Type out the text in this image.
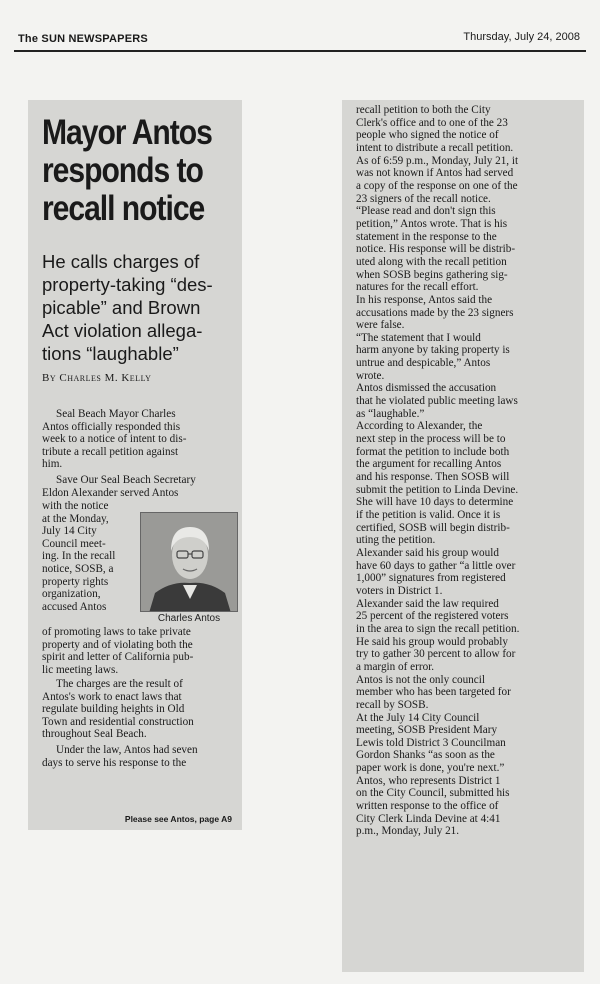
The SUN NEWSPAPERS	Thursday, July 24, 2008
Mayor Antos
responds to
recall notice
He calls charges of
property-taking “des-
picable” and Brown
Act violation allega-
tions “laughable”
By Charles M. Kelly
Seal Beach Mayor Charles
Antos officially responded this
week to a notice of intent to dis-
tribute a recall petition against
him.
Save Our Seal Beach Secretary
Eldon Alexander served Antos
with the notice
at the Monday,
July 14 City
Council meet-
ing. In the recall
notice, SOSB, a
property rights
organization,
accused Antos
Charles Antos
of promoting laws to take private
property and of violating both the
spirit and letter of California pub-
lic meeting laws.
The charges are the result of
Antos's work to enact laws that
regulate building heights in Old
Town and residential construction
throughout Seal Beach.
Under the law, Antos had seven
days to serve his response to the
Please see Antos, page A9
recall petition to both the City
Clerk's office and to one of the 23
people who signed the notice of
intent to distribute a recall petition.
As of 6:59 p.m., Monday, July 21, it
was not known if Antos had served
a copy of the response on one of the
23 signers of the recall notice.
“Please read and don't sign this
petition,” Antos wrote. That is his
statement in the response to the
notice. His response will be distrib-
uted along with the recall petition
when SOSB begins gathering sig-
natures for the recall effort.
In his response, Antos said the
accusations made by the 23 signers
were false.
“The statement that I would
harm anyone by taking property is
untrue and despicable,” Antos
wrote.
Antos dismissed the accusation
that he violated public meeting laws
as “laughable.”
According to Alexander, the
next step in the process will be to
format the petition to include both
the argument for recalling Antos
and his response. Then SOSB will
submit the petition to Linda Devine.
She will have 10 days to determine
if the petition is valid. Once it is
certified, SOSB will begin distrib-
uting the petition.
Alexander said his group would
have 60 days to gather “a little over
1,000” signatures from registered
voters in District 1.
Alexander said the law required
25 percent of the registered voters
in the area to sign the recall petition.
He said his group would probably
try to gather 30 percent to allow for
a margin of error.
Antos is not the only council
member who has been targeted for
recall by SOSB.
At the July 14 City Council
meeting, SOSB President Mary
Lewis told District 3 Councilman
Gordon Shanks “as soon as the
paper work is done, you're next.”
Antos, who represents District 1
on the City Council, submitted his
written response to the office of
City Clerk Linda Devine at 4:41
p.m., Monday, July 21.
